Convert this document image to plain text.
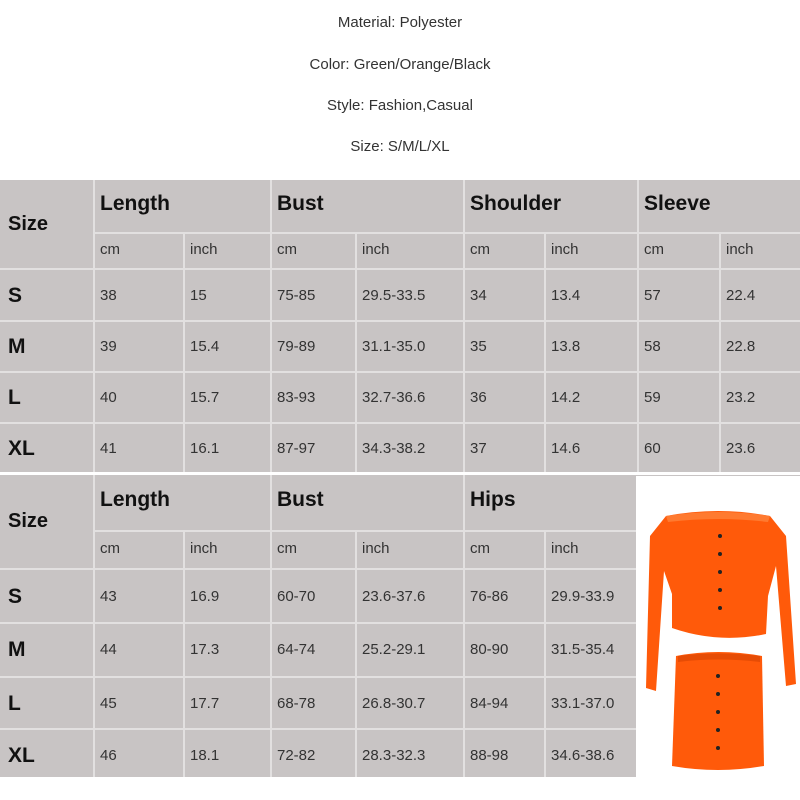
Material: Polyester
Color: Green/Orange/Black
Style: Fashion,Casual
Size: S/M/L/XL
Size
Length	Bust	Shoulder	Sleeve
cm	inch	cm	inch	cm	inch	cm	inch
S	38	15	75-85	29.5-33.5	34	13.4	57	22.4
M	39	15.4	79-89	31.1-35.0	35	13.8	58	22.8
L	40	15.7	83-93	32.7-36.6	36	14.2	59	23.2
XL	41	16.1	87-97	34.3-38.2	37	14.6	60	23.6
Size
Length	Bust	Hips
cm	inch	cm	inch	cm	inch
S	43	16.9	60-70	23.6-37.6	76-86	29.9-33.9
M	44	17.3	64-74	25.2-29.1	80-90	31.5-35.4
L	45	17.7	68-78	26.8-30.7	84-94	33.1-37.0
XL	46	18.1	72-82	28.3-32.3	88-98	34.6-38.6
